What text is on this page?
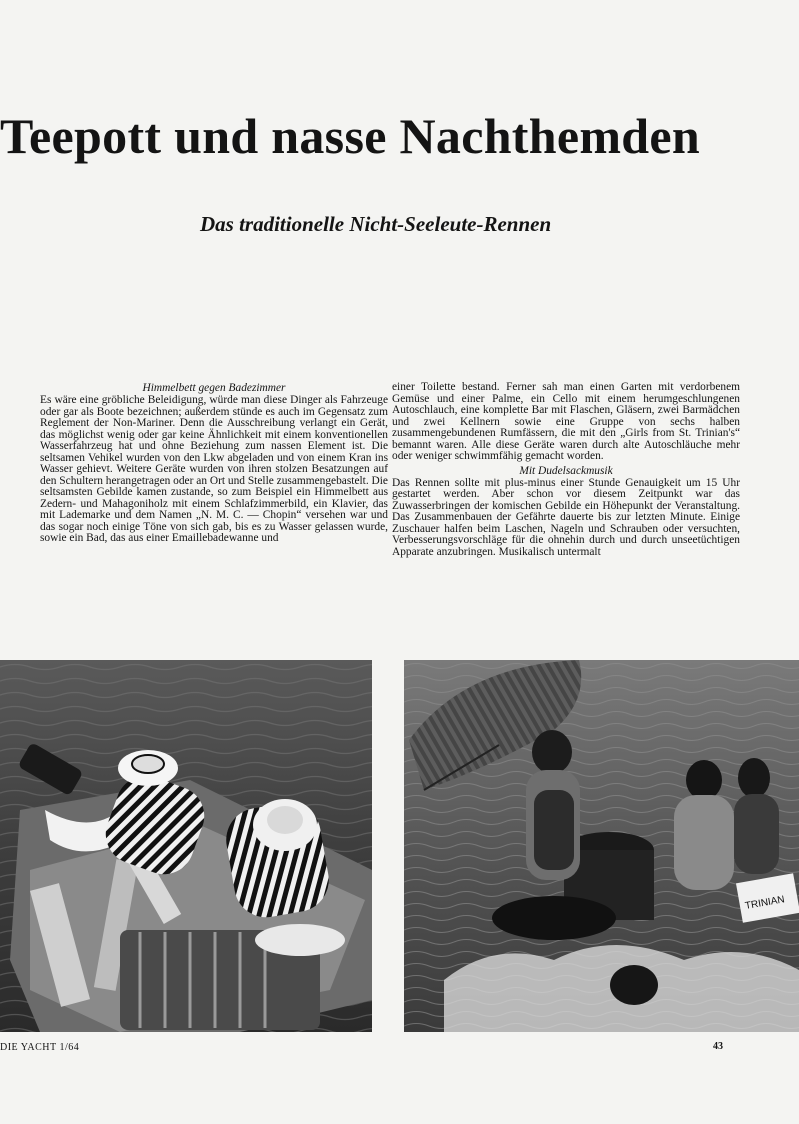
Teepott und nasse Nachthemden
Das traditionelle Nicht-Seeleute-Rennen
Himmelbett gegen Badezimmer

Es wäre eine gröbliche Beleidigung, würde man diese Dinger als Fahrzeuge oder gar als Boote bezeichnen; außerdem stünde es auch im Gegensatz zum Reglement der Non-Mariner. Denn die Ausschreibung verlangt ein Gerät, das möglichst wenig oder gar keine Ähnlichkeit mit einem konventionellen Wasserfahrzeug hat und ohne Beziehung zum nassen Element ist. Die seltsamen Vehikel wurden von den Lkw abgeladen und von einem Kran ins Wasser gehievt. Weitere Geräte wurden von ihren stolzen Besatzungen auf den Schultern herangetragen oder an Ort und Stelle zusammengebastelt. Die seltsamsten Gebilde kamen zustande, so zum Beispiel ein Himmelbett aus Zedern- und Mahagoniholz mit einem Schlafzimmerbild, ein Klavier, das mit Lademarke und dem Namen „N. M. C. — Chopin“ versehen war und das sogar noch einige Töne von sich gab, bis es zu Wasser gelassen wurde, sowie ein Bad, das aus einer Emaillebadewanne und

einer Toilette bestand. Ferner sah man einen Garten mit verdorbenem Gemüse und einer Palme, ein Cello mit einem herumgeschlungenen Autoschlauch, eine komplette Bar mit Flaschen, Gläsern, zwei Barmädchen und zwei Kellnern sowie eine Gruppe von sechs halben zusammengebundenen Rumfässern, die mit den „Girls from St. Trinian's“ bemannt waren. Alle diese Geräte waren durch alte Autoschläuche mehr oder weniger schwimmfähig gemacht worden.

Mit Dudelsackmusik

Das Rennen sollte mit plus-minus einer Stunde Genauigkeit um 15 Uhr gestartet werden. Aber schon vor diesem Zeitpunkt war das Zuwasserbringen der komischen Gebilde ein Höhepunkt der Veranstaltung. Das Zusammenbauen der Gefährte dauerte bis zur letzten Minute. Einige Zuschauer halfen beim Laschen, Nageln und Schrauben oder versuchten, Verbesserungsvorschläge für die ohnehin durch und durch unseetüchtigen Apparate anzubringen. Musikalisch untermalt

TRINIAN
DIE YACHT 1/64	43
